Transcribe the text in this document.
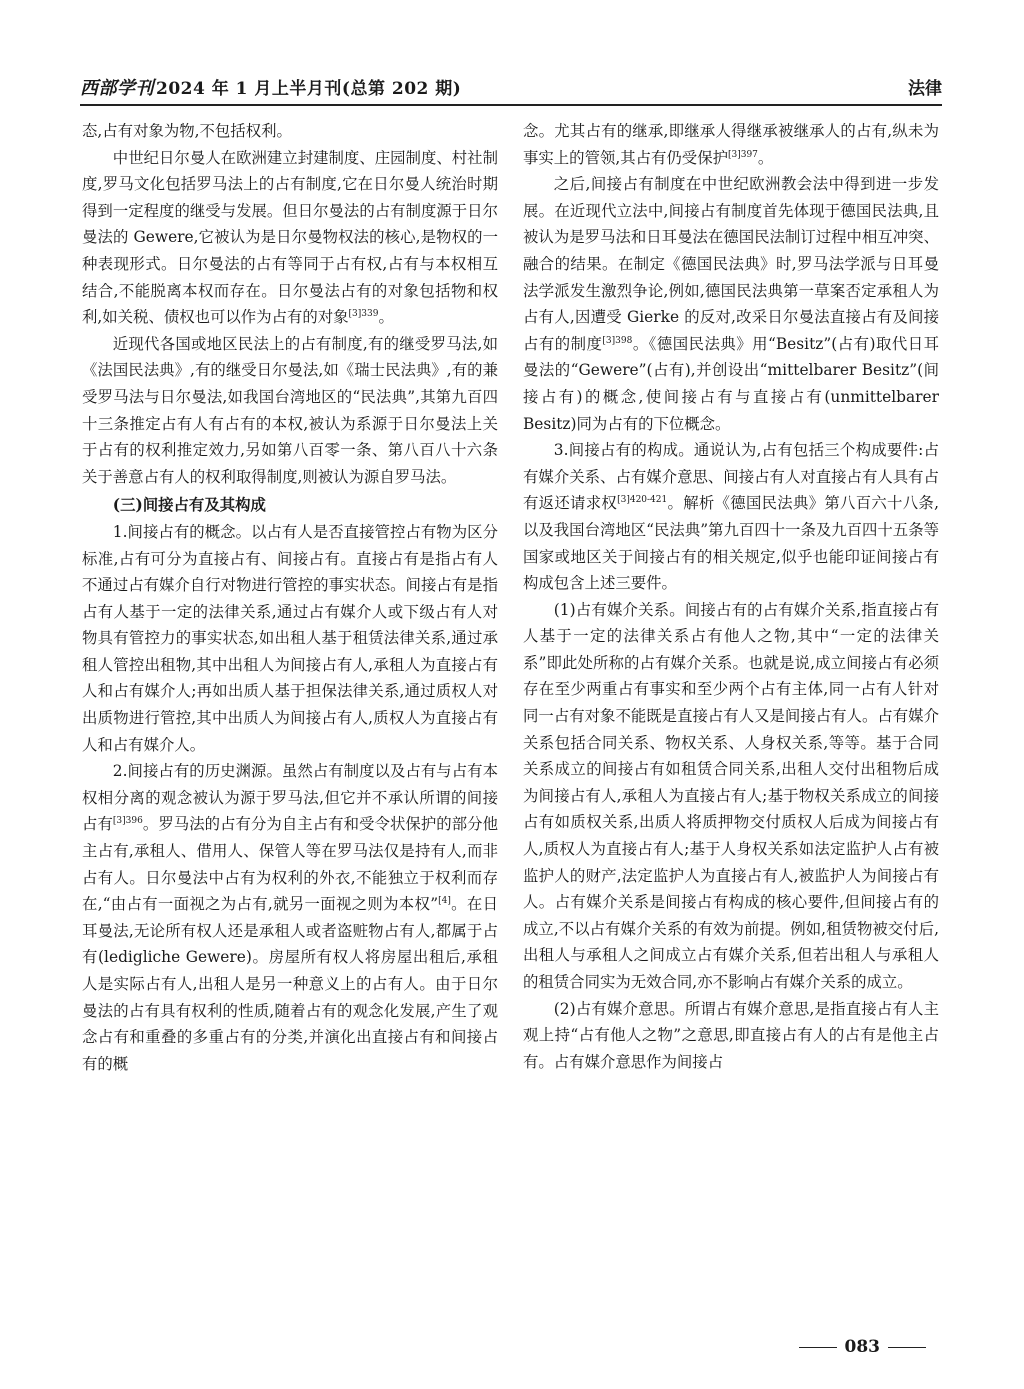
西部学刊 2024 年 1 月上半月刊(总第 202 期)	法律

态,占有对象为物,不包括权利。

中世纪日尔曼人在欧洲建立封建制度、庄园制度、村社制度,罗马文化包括罗马法上的占有制度,它在日尔曼人统治时期得到一定程度的继受与发展。但日尔曼法的占有制度源于日尔曼法的 Gewere,它被认为是日尔曼物权法的核心,是物权的一种表现形式。日尔曼法的占有等同于占有权,占有与本权相互结合,不能脱离本权而存在。日尔曼法占有的对象包括物和权利,如关税、债权也可以作为占有的对象$^{[3]339}$。

近现代各国或地区民法上的占有制度,有的继受罗马法,如《法国民法典》,有的继受日尔曼法,如《瑞士民法典》,有的兼受罗马法与日尔曼法,如我国台湾地区的“民法典”,其第九百四十三条推定占有人有占有的本权,被认为系源于日尔曼法上关于占有的权利推定效力,另如第八百零一条、第八百八十六条关于善意占有人的权利取得制度,则被认为源自罗马法。

(三)间接占有及其构成

1.间接占有的概念。以占有人是否直接管控占有物为区分标准,占有可分为直接占有、间接占有。直接占有是指占有人不通过占有媒介自行对物进行管控的事实状态。间接占有是指占有人基于一定的法律关系,通过占有媒介人或下级占有人对物具有管控力的事实状态,如出租人基于租赁法律关系,通过承租人管控出租物,其中出租人为间接占有人,承租人为直接占有人和占有媒介人;再如出质人基于担保法律关系,通过质权人对出质物进行管控,其中出质人为间接占有人,质权人为直接占有人和占有媒介人。

2.间接占有的历史渊源。虽然占有制度以及占有与占有本权相分离的观念被认为源于罗马法,但它并不承认所谓的间接占有$^{[3]396}$。罗马法的占有分为自主占有和受令状保护的部分他主占有,承租人、借用人、保管人等在罗马法仅是持有人,而非占有人。日尔曼法中占有为权利的外衣,不能独立于权利而存在,“由占有一面视之为占有,就另一面视之则为本权”[4]。在日耳曼法,无论所有权人还是承租人或者盗赃物占有人,都属于占有(ledigliche Gewere)。房屋所有权人将房屋出租后,承租人是实际占有人,出租人是另一种意义上的占有人。由于日尔曼法的占有具有权利的性质,随着占有的观念化发展,产生了观念占有和重叠的多重占有的分类,并演化出直接占有和间接占有的概

念。尤其占有的继承,即继承人得继承被继承人的占有,纵未为事实上的管领,其占有仍受保护$^{[3]397}$。

之后,间接占有制度在中世纪欧洲教会法中得到进一步发展。在近现代立法中,间接占有制度首先体现于德国民法典,且被认为是罗马法和日耳曼法在德国民法制订过程中相互冲突、融合的结果。在制定《德国民法典》时,罗马法学派与日耳曼法学派发生激烈争论,例如,德国民法典第一草案否定承租人为占有人,因遭受 Gierke 的反对,改采日尔曼法直接占有及间接占有的制度$^{[3]398}$。《德国民法典》用“Besitz”(占有)取代日耳曼法的“Gewere”(占有),并创设出“mittelbarer Besitz”(间接占有)的概念,使间接占有与直接占有(unmittelbarer Besitz)同为占有的下位概念。

3.间接占有的构成。通说认为,占有包括三个构成要件:占有媒介关系、占有媒介意思、间接占有人对直接占有人具有占有返还请求权$^{[3]420-421}$。解析《德国民法典》第八百六十八条,以及我国台湾地区“民法典”第九百四十一条及九百四十五条等国家或地区关于间接占有的相关规定,似乎也能印证间接占有构成包含上述三要件。

(1)占有媒介关系。间接占有的占有媒介关系,指直接占有人基于一定的法律关系占有他人之物,其中“一定的法律关系”即此处所称的占有媒介关系。也就是说,成立间接占有必须存在至少两重占有事实和至少两个占有主体,同一占有人针对同一占有对象不能既是直接占有人又是间接占有人。占有媒介关系包括合同关系、物权关系、人身权关系,等等。基于合同关系成立的间接占有如租赁合同关系,出租人交付出租物后成为间接占有人,承租人为直接占有人;基于物权关系成立的间接占有如质权关系,出质人将质押物交付质权人后成为间接占有人,质权人为直接占有人;基于人身权关系如法定监护人占有被监护人的财产,法定监护人为直接占有人,被监护人为间接占有人。占有媒介关系是间接占有构成的核心要件,但间接占有的成立,不以占有媒介关系的有效为前提。例如,租赁物被交付后,出租人与承租人之间成立占有媒介关系,但若出租人与承租人的租赁合同实为无效合同,亦不影响占有媒介关系的成立。

(2)占有媒介意思。所谓占有媒介意思,是指直接占有人主观上持“占有他人之物”之意思,即直接占有人的占有是他主占有。占有媒介意思作为间接占

083
